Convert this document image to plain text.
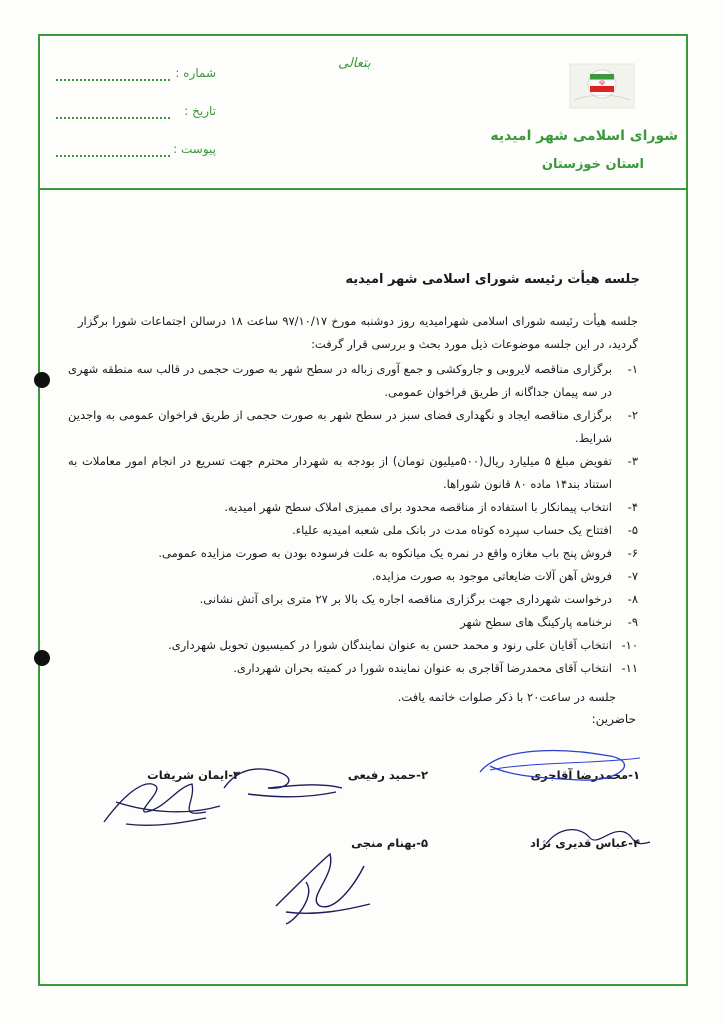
شماره :
تاریخ :
پیوست :
بتعالی
☫
شورای اسلامی شهر امیدیه
استان خوزستان
جلسه هیأت رئیسه شورای اسلامی شهر امیدیه
جلسه هیأت رئیسه شورای اسلامی شهرامیدیه روز دوشنبه مورخ ۹۷/۱۰/۱۷ ساعت ۱۸ درسالن اجتماعات شورا برگزار گردید، در این جلسه موضوعات ذیل مورد بحث و بررسی قرار گرفت:
۱-
برگزاری مناقصه لایروبی و جاروکشی و جمع آوری زباله در سطح شهر به صورت حجمی در قالب سه منطقه شهری در سه پیمان جداگانه از طریق فراخوان عمومی.
۲-
برگزاری مناقصه ایجاد و نگهداری فضای سبز در سطح شهر به صورت حجمی از طریق فراخوان عمومی به واجدین شرایط.
۳-
تفویض مبلغ ۵ میلیارد ریال(۵۰۰میلیون تومان) از بودجه به شهردار محترم جهت تسریع در انجام امور معاملات به استناد بند۱۴ ماده ۸۰ قانون شوراها.
۴-
انتخاب پیمانکار با استفاده از مناقصه محدود برای ممیزی املاک سطح شهر امیدیه.
۵-
افتتاح یک حساب سپرده کوتاه مدت در بانک ملی شعبه امیدیه علیاء.
۶-
فروش پنج باب مغازه واقع در نمره یک میانکوه به علت فرسوده بودن به صورت مزایده عمومی.
۷-
فروش آهن آلات ضایعاتی موجود به صورت مزایده.
۸-
درخواست شهرداری جهت برگزاری مناقصه اجاره یک بالا بر ۲۷ متری برای آتش نشانی.
۹-
نرخنامه پارکینگ های سطح شهر
۱۰-
انتخاب آقایان علی رنود و محمد حسن به عنوان نمایندگان شورا در کمیسیون تحویل شهرداری.
۱۱-
انتخاب آقای محمدرضا آقاجری به عنوان نماینده شورا در کمیته بحران شهرداری.
جلسه در ساعت۲۰ با ذکر صلوات خاتمه یافت.
حاضرین:
۱-محمدرضا آقاجری
۲-حمید رفیعی
۳-ایمان شریفات
۴-عباس قدیری نژاد
۵-بهنام منجی
